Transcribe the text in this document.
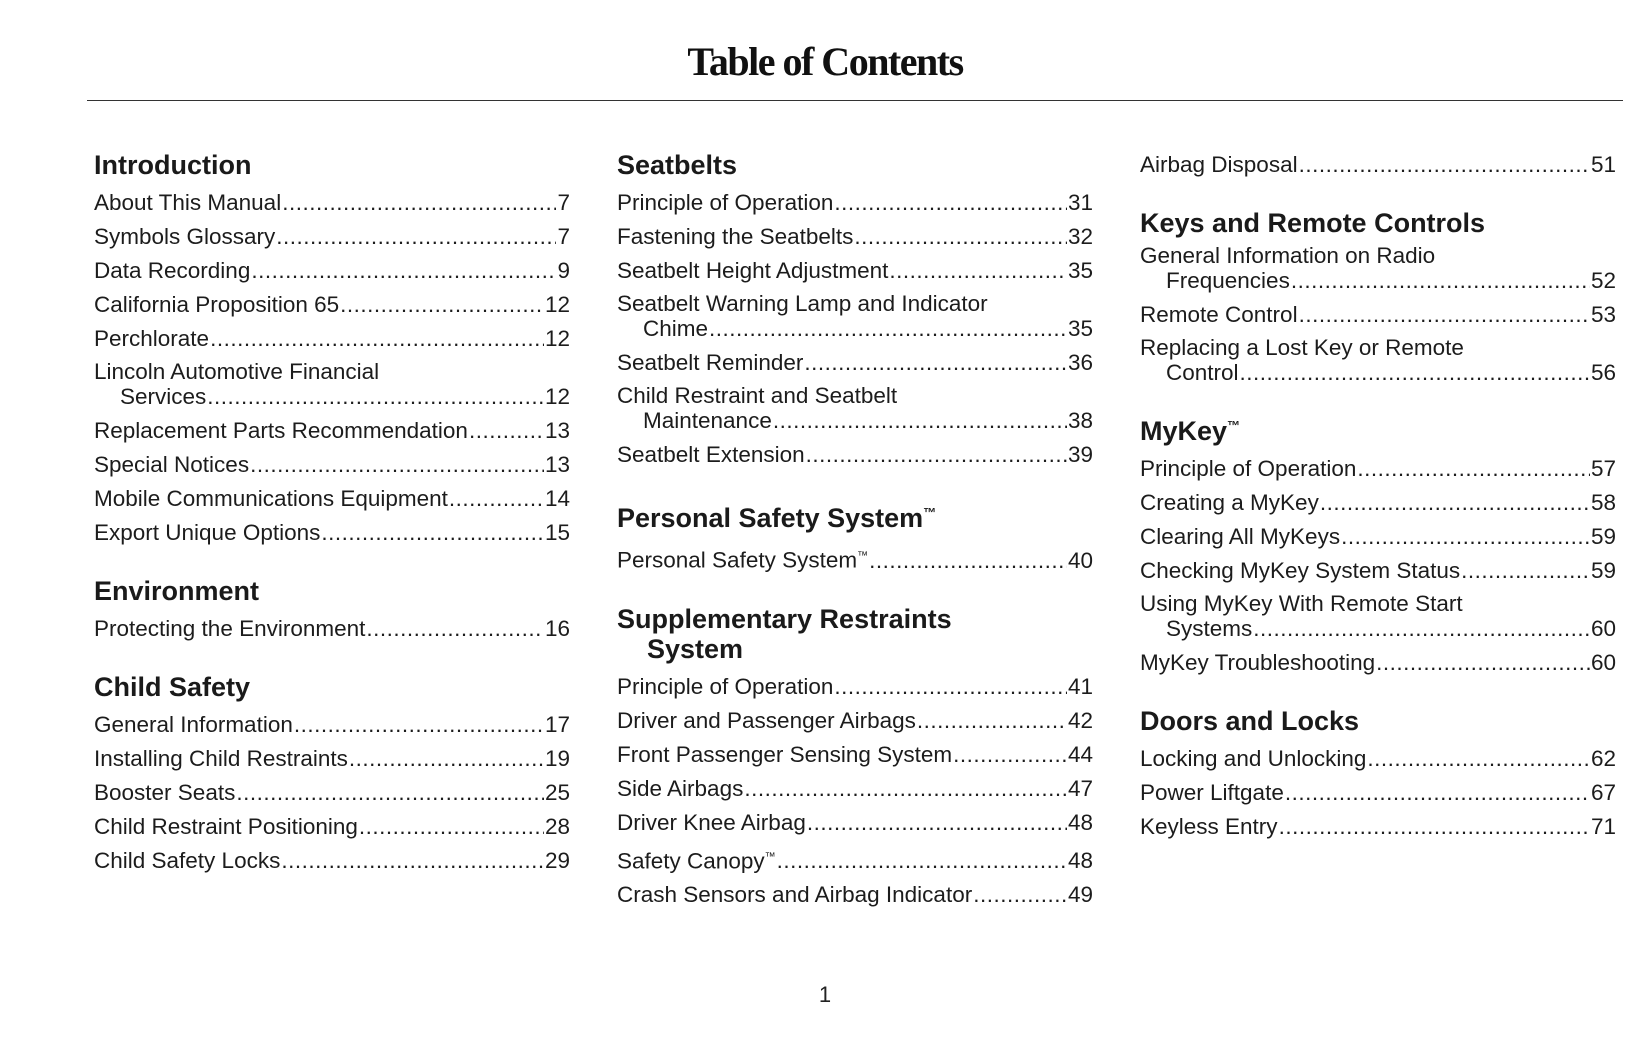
Table of Contents
Introduction
About This Manual .....	7
Symbols Glossary .....	7
Data Recording .....	9
California Proposition 65 .....	12
Perchlorate .....	12
Lincoln Automotive Financial
Services .....	12
Replacement Parts Recommendation .....	13
Special Notices .....	13
Mobile Communications Equipment .....	14
Export Unique Options .....	15
Environment
Protecting the Environment .....	16
Child Safety
General Information .....	17
Installing Child Restraints .....	19
Booster Seats .....	25
Child Restraint Positioning .....	28
Child Safety Locks .....	29
Seatbelts
Principle of Operation .....	31
Fastening the Seatbelts .....	32
Seatbelt Height Adjustment .....	35
Seatbelt Warning Lamp and Indicator
Chime .....	35
Seatbelt Reminder .....	36
Child Restraint and Seatbelt
Maintenance .....	38
Seatbelt Extension .....	39
Personal Safety System™
Personal Safety System™ .....	40
Supplementary Restraints
System
Principle of Operation .....	41
Driver and Passenger Airbags .....	42
Front Passenger Sensing System .....	44
Side Airbags .....	47
Driver Knee Airbag .....	48
Safety Canopy™ .....	48
Crash Sensors and Airbag Indicator .....	49
Airbag Disposal .....	51
Keys and Remote Controls
General Information on Radio
Frequencies .....	52
Remote Control .....	53
Replacing a Lost Key or Remote
Control .....	56
MyKey™
Principle of Operation .....	57
Creating a MyKey .....	58
Clearing All MyKeys .....	59
Checking MyKey System Status .....	59
Using MyKey With Remote Start
Systems .....	60
MyKey Troubleshooting .....	60
Doors and Locks
Locking and Unlocking .....	62
Power Liftgate .....	67
Keyless Entry .....	71
1
